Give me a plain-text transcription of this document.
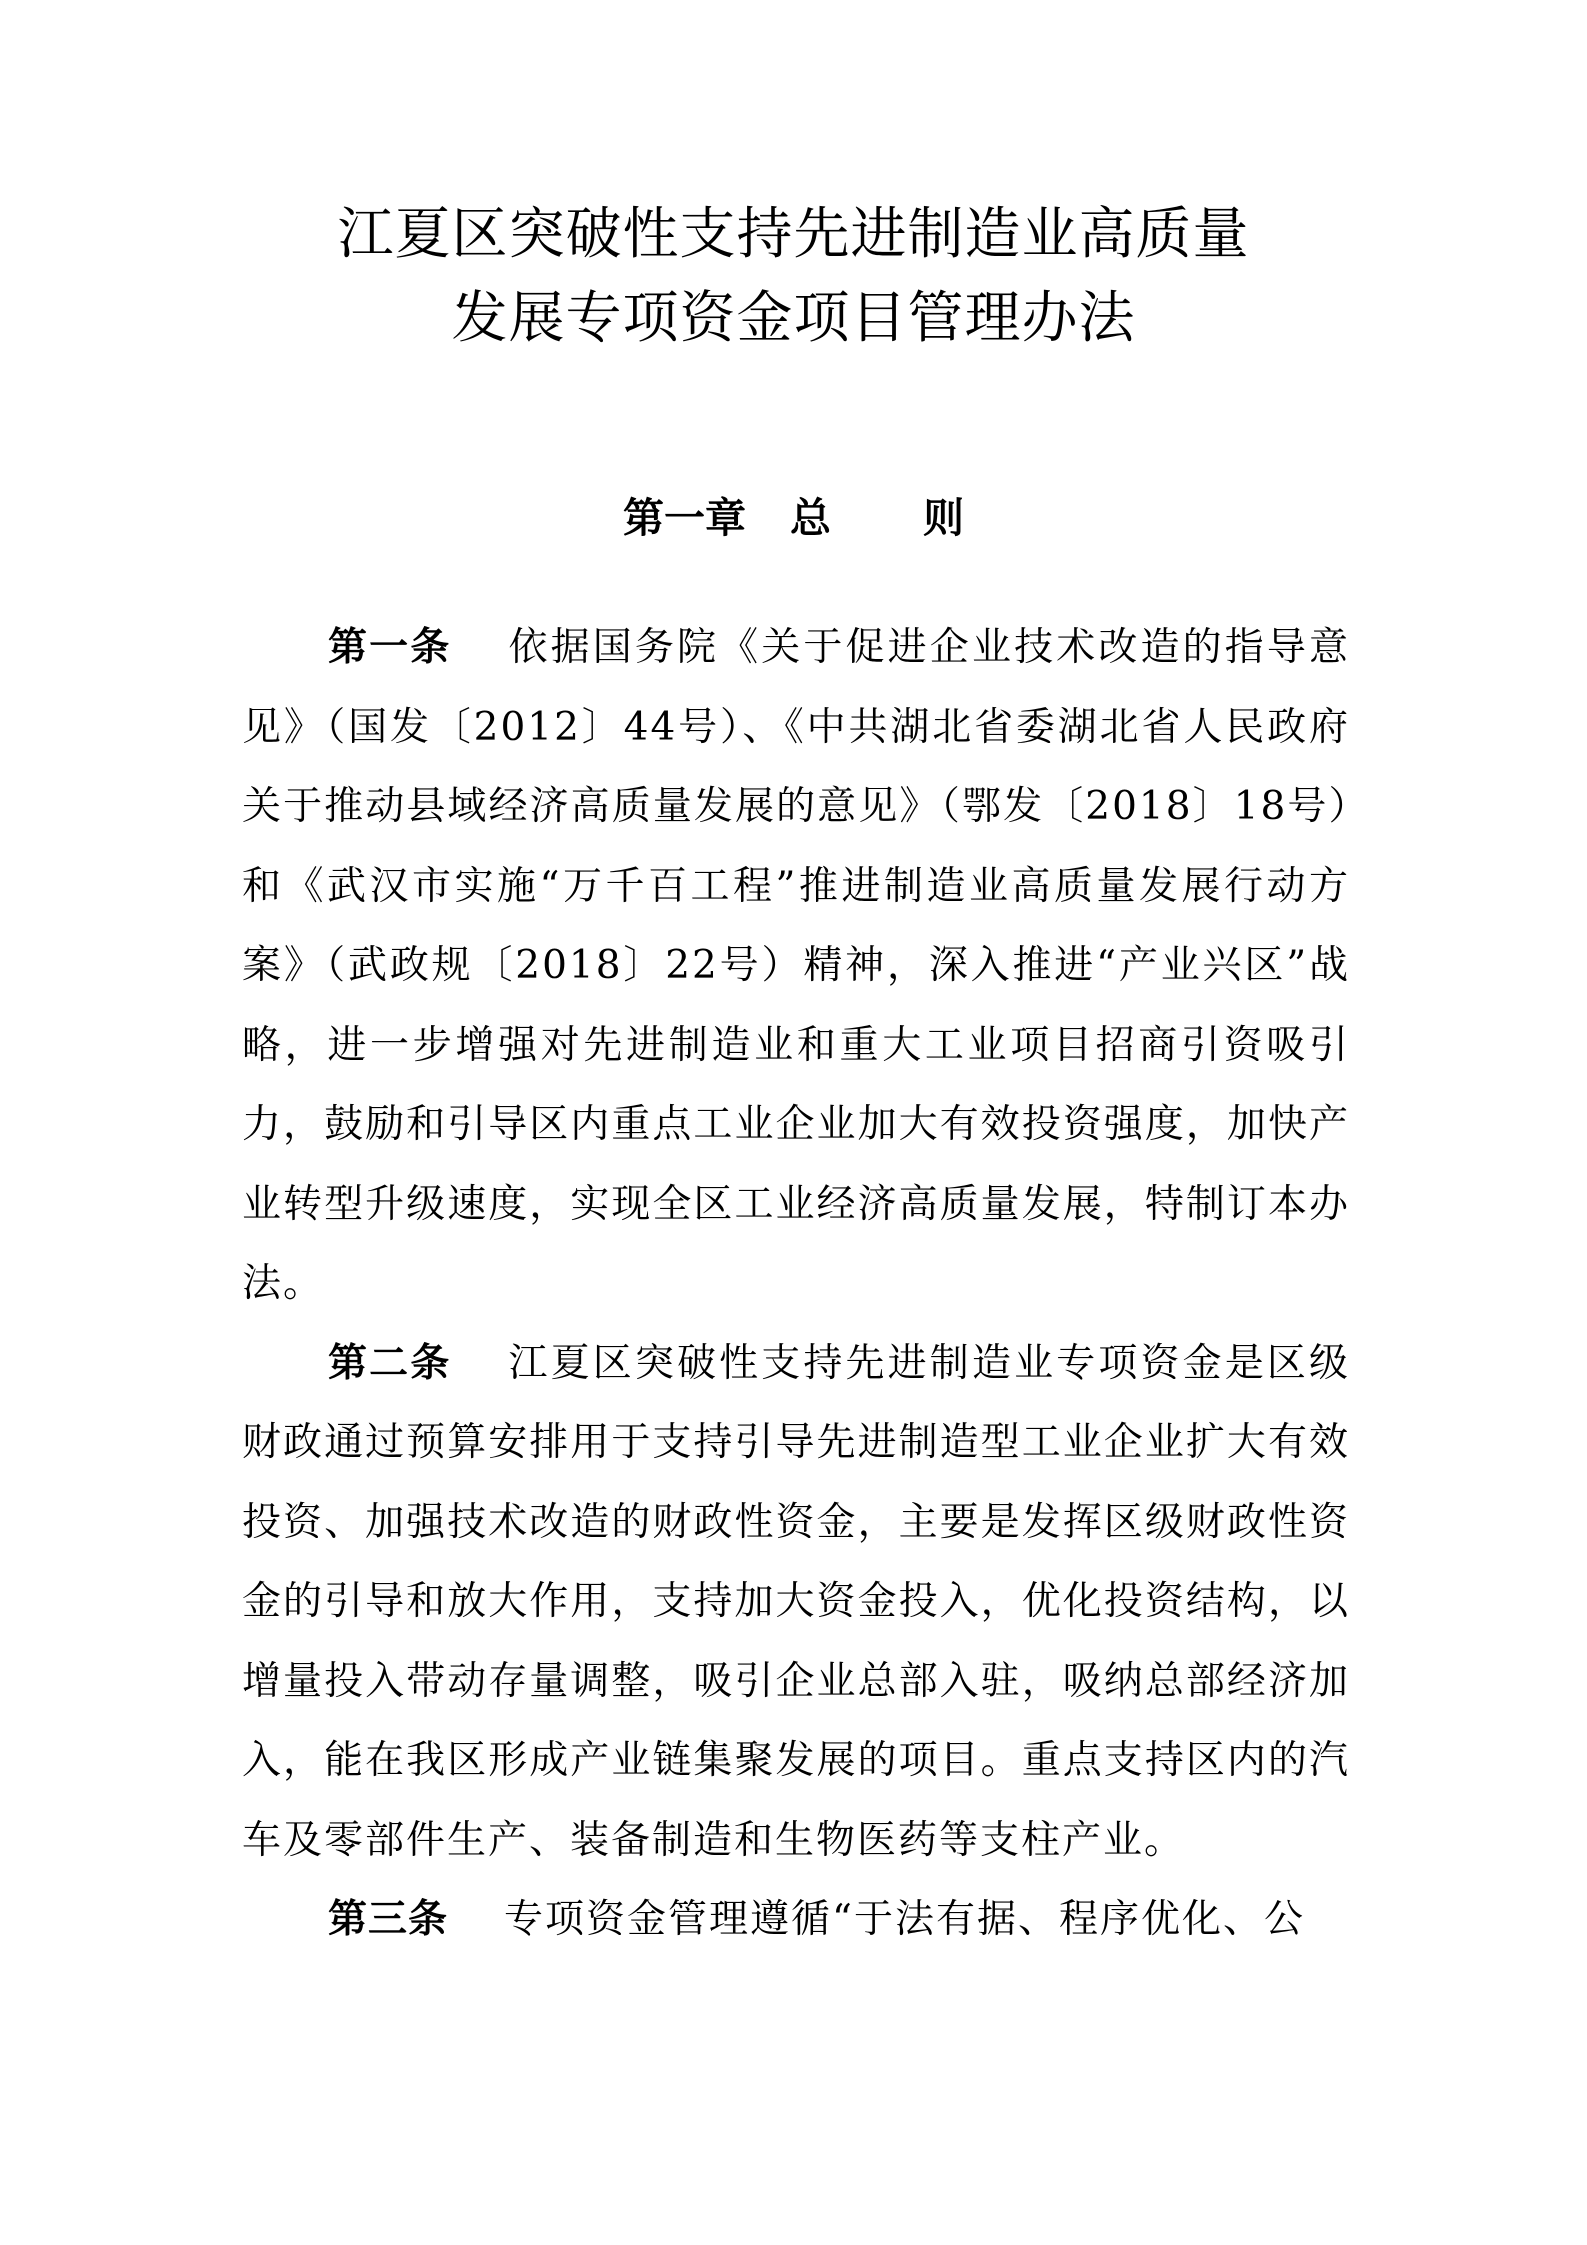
江夏区突破性支持先进制造业高质量
发展专项资金项目管理办法
第一章 总 则

第一条 依据国务院《关于促进企业技术改造的指导意见》（国发〔2012〕44号）、《中共湖北省委湖北省人民政府关于推动县域经济高质量发展的意见》（鄂发〔2018〕18号）和《武汉市实施“万千百工程”推进制造业高质量发展行动方案》（武政规〔2018〕22号）精神，深入推进“产业兴区”战略，进一步增强对先进制造业和重大工业项目招商引资吸引力，鼓励和引导区内重点工业企业加大有效投资强度，加快产业转型升级速度，实现全区工业经济高质量发展，特制订本办法。

第二条 江夏区突破性支持先进制造业专项资金是区级财政通过预算安排用于支持引导先进制造型工业企业扩大有效投资、加强技术改造的财政性资金，主要是发挥区级财政性资金的引导和放大作用，支持加大资金投入，优化投资结构，以增量投入带动存量调整，吸引企业总部入驻，吸纳总部经济加入，能在我区形成产业链集聚发展的项目。重点支持区内的汽车及零部件生产、装备制造和生物医药等支柱产业。

第三条 专项资金管理遵循“于法有据、程序优化、公
